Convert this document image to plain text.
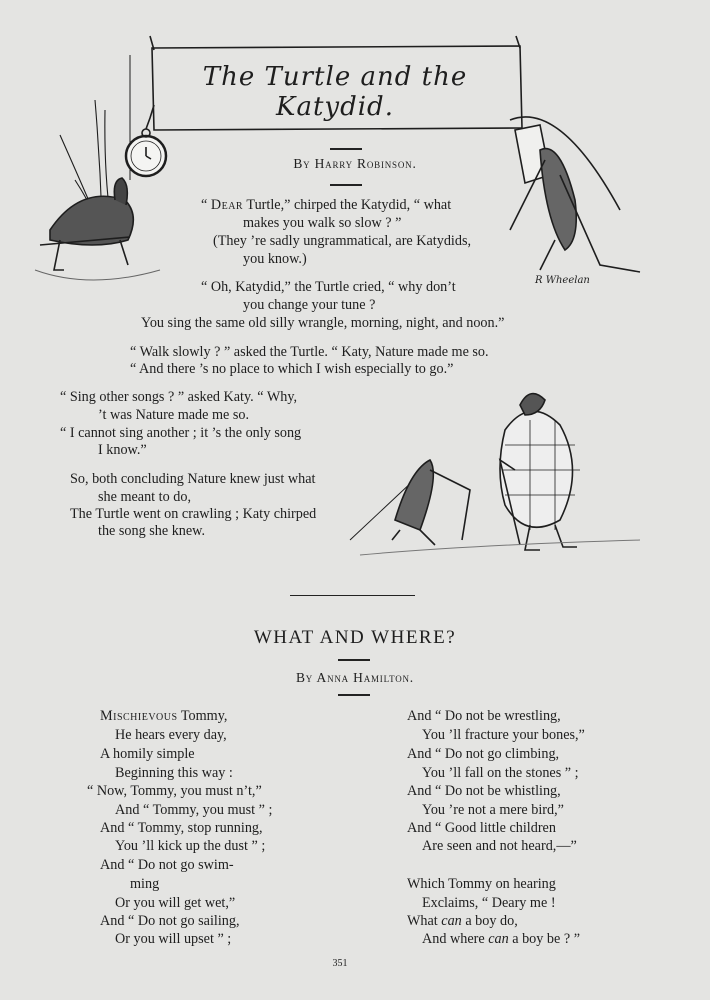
The Turtle and the Katydid.
R Wheelan
By Harry Robinson.
“ Dear Turtle,” chirped the Katydid, “ what
makes you walk so slow ? ”
(They ’re sadly ungrammatical, are Katydids,
you know.)
“ Oh, Katydid,” the Turtle cried, “ why don’t
you change your tune ?
You sing the same old silly wrangle, morning, night, and noon.”
“ Walk slowly ? ” asked the Turtle. “ Katy, Nature made me so.
“ And there ’s no place to which I wish especially to go.”
“ Sing other songs ? ” asked Katy. “ Why,
’t was Nature made me so.
“ I cannot sing another ; it ’s the only song
I know.”
So, both concluding Nature knew just what
she meant to do,
The Turtle went on crawling ; Katy chirped
the song she knew.
WHAT AND WHERE?
By Anna Hamilton.
Mischievous Tommy,
He hears every day,
A homily simple
Beginning this way :
“ Now, Tommy, you must n’t,”
And “ Tommy, you must ” ;
And “ Tommy, stop running,
You ’ll kick up the dust ” ;
And “ Do not go swim-
ming
Or you will get wet,”
And “ Do not go sailing,
Or you will upset ” ;
And “ Do not be wrestling,
You ’ll fracture your bones,”
And “ Do not go climbing,
You ’ll fall on the stones ” ;
And “ Do not be whistling,
You ’re not a mere bird,”
And “ Good little children
Are seen and not heard,—”
Which Tommy on hearing
Exclaims, “ Deary me !
What can a boy do,
And where can a boy be ? ”
351
